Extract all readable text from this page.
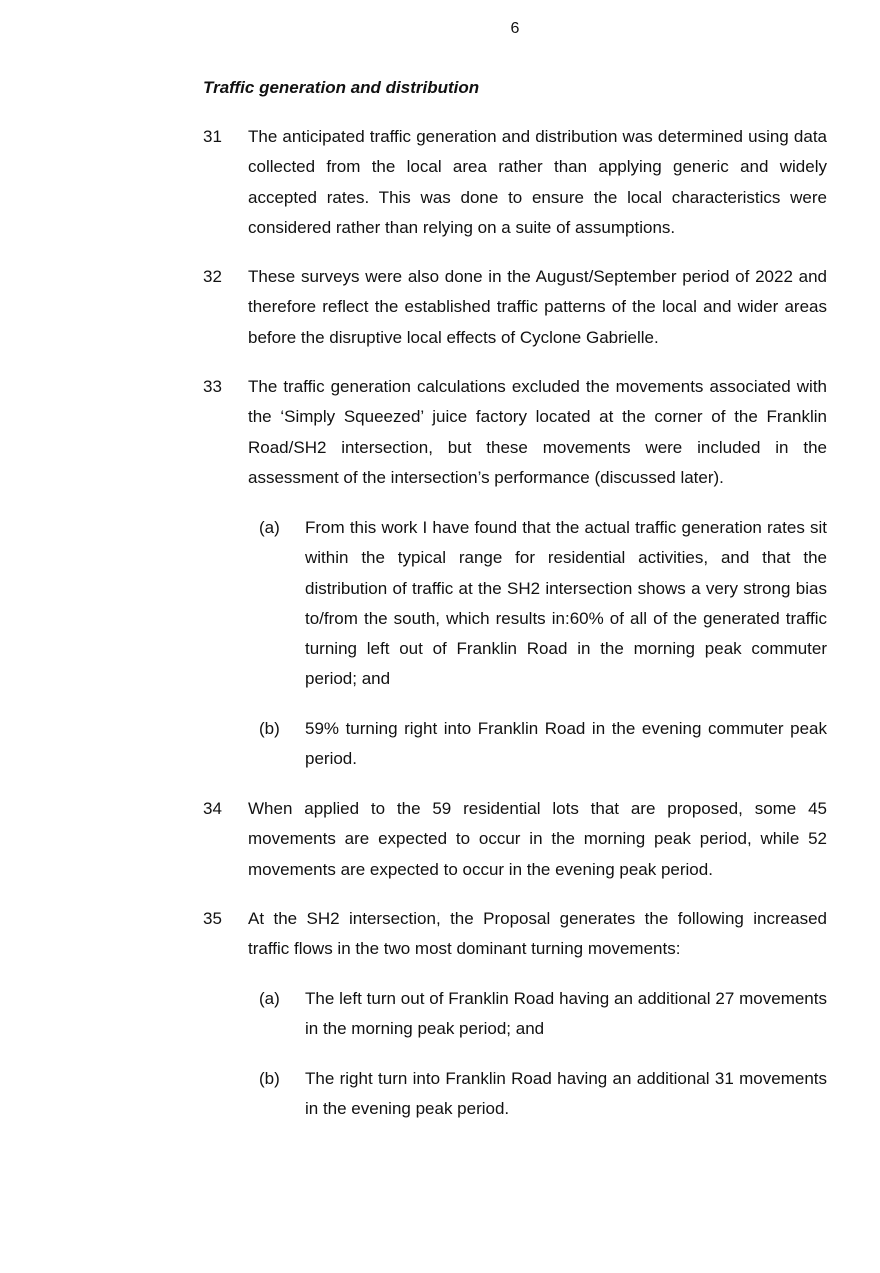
6
Traffic generation and distribution
31	The anticipated traffic generation and distribution was determined using data collected from the local area rather than applying generic and widely accepted rates. This was done to ensure the local characteristics were considered rather than relying on a suite of assumptions.
32	These surveys were also done in the August/September period of 2022 and therefore reflect the established traffic patterns of the local and wider areas before the disruptive local effects of Cyclone Gabrielle.
33	The traffic generation calculations excluded the movements associated with the ‘Simply Squeezed’ juice factory located at the corner of the Franklin Road/SH2 intersection, but these movements were included in the assessment of the intersection’s performance (discussed later).
(a)	From this work I have found that the actual traffic generation rates sit within the typical range for residential activities, and that the distribution of traffic at the SH2 intersection shows a very strong bias to/from the south, which results in:60% of all of the generated traffic turning left out of Franklin Road in the morning peak commuter period; and
(b)	59% turning right into Franklin Road in the evening commuter peak period.
34	When applied to the 59 residential lots that are proposed, some 45 movements are expected to occur in the morning peak period, while 52 movements are expected to occur in the evening peak period.
35	At the SH2 intersection, the Proposal generates the following increased traffic flows in the two most dominant turning movements:
(a)	The left turn out of Franklin Road having an additional 27 movements in the morning peak period; and
(b)	The right turn into Franklin Road having an additional 31 movements in the evening peak period.
